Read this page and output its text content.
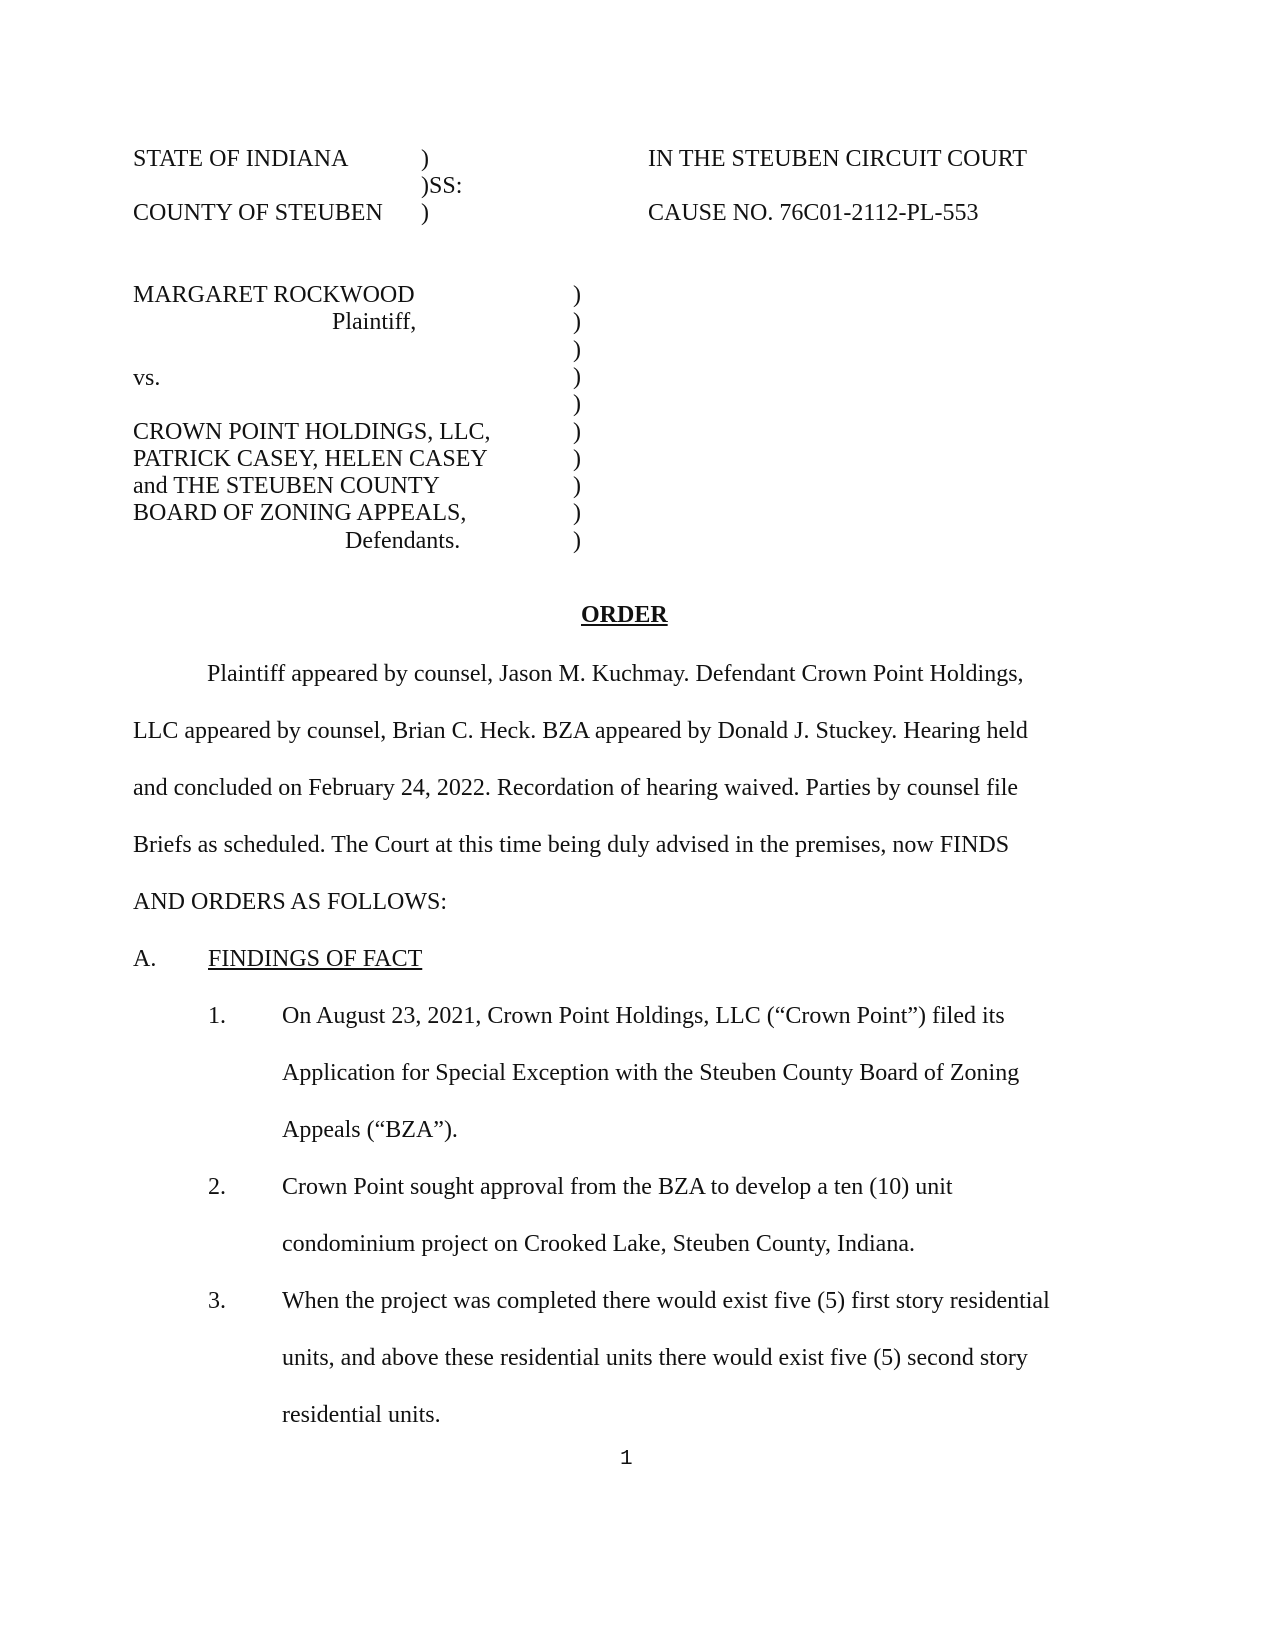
STATE OF INDIANA	)
)SS:
COUNTY OF STEUBEN )
IN THE STEUBEN CIRCUIT COURT
CAUSE NO. 76C01-2112-PL-553
MARGARET ROCKWOOD
Plaintiff,
vs.
CROWN POINT HOLDINGS, LLC,
PATRICK CASEY, HELEN CASEY
and THE STEUBEN COUNTY
BOARD OF ZONING APPEALS,
Defendants.
)
)
)
)
)
)
)
)
)
)
ORDER
Plaintiff appeared by counsel, Jason M. Kuchmay. Defendant Crown Point Holdings,
LLC appeared by counsel, Brian C. Heck. BZA appeared by Donald J. Stuckey. Hearing held
and concluded on February 24, 2022. Recordation of hearing waived. Parties by counsel file
Briefs as scheduled. The Court at this time being duly advised in the premises, now FINDS
AND ORDERS AS FOLLOWS:
A. FINDINGS OF FACT
1. On August 23, 2021, Crown Point Holdings, LLC (“Crown Point”) filed its
Application for Special Exception with the Steuben County Board of Zoning
Appeals (“BZA”).
2. Crown Point sought approval from the BZA to develop a ten (10) unit
condominium project on Crooked Lake, Steuben County, Indiana.
3. When the project was completed there would exist five (5) first story residential
units, and above these residential units there would exist five (5) second story
residential units.
1
